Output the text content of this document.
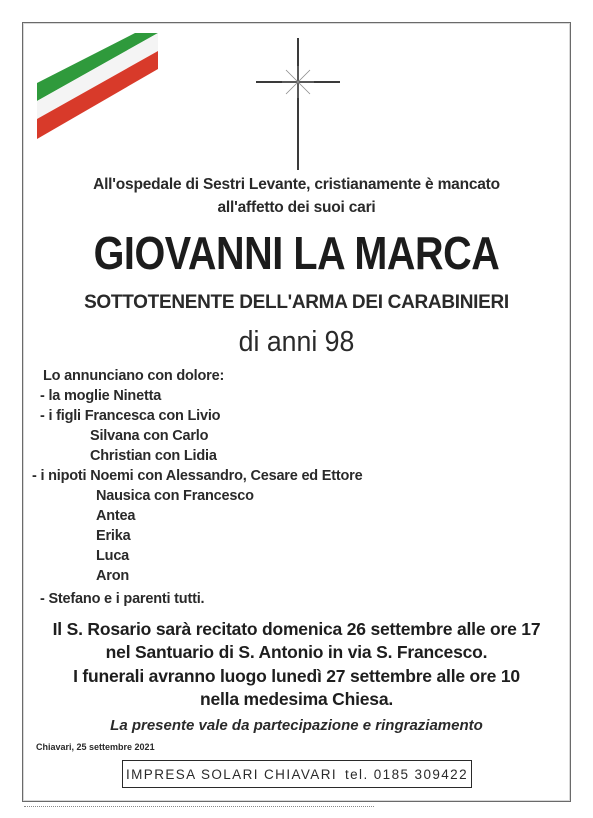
All'ospedale di Sestri Levante, cristianamente è mancato
all'affetto dei suoi cari
GIOVANNI LA MARCA
SOTTOTENENTE DELL'ARMA DEI CARABINIERI
di anni 98
Lo annunciano con dolore:
- la moglie Ninetta
- i figli Francesca con Livio
Silvana con Carlo
Christian con Lidia
- i nipoti Noemi con Alessandro, Cesare ed Ettore
Nausica con Francesco
Antea
Erika
Luca
Aron
- Stefano e i parenti tutti.
Il S. Rosario sarà recitato domenica 26 settembre alle ore 17
nel Santuario di S. Antonio in via S. Francesco.
I funerali avranno luogo lunedì 27 settembre alle ore 10
nella medesima Chiesa.
La presente vale da partecipazione e ringraziamento
Chiavari, 25 settembre 2021
IMPRESA SOLARI CHIAVARI tel. 0185 309422
